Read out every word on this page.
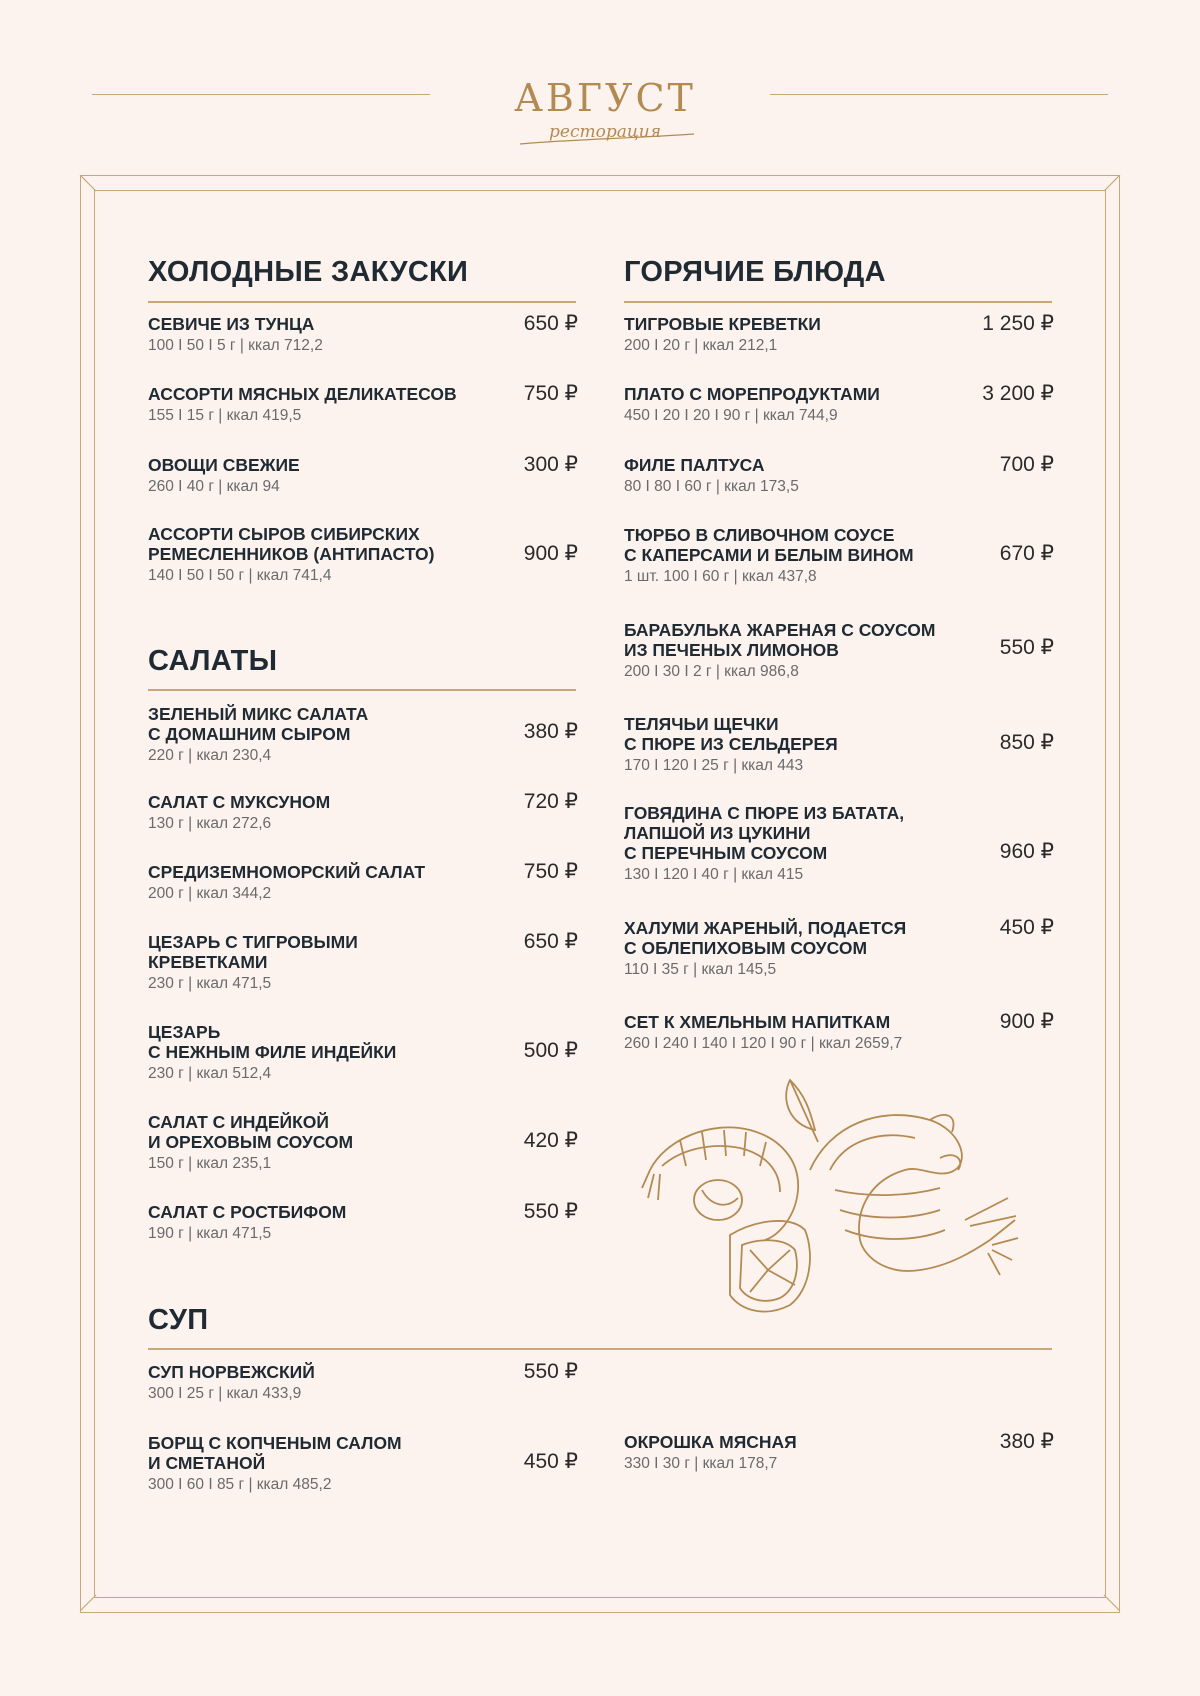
АВГУСТ
ресторация
ХОЛОДНЫЕ ЗАКУСКИ
СЕВИЧЕ ИЗ ТУНЦА
100 I 50 I 5 г | ккал 712,2
650 ₽
АССОРТИ МЯСНЫХ ДЕЛИКАТЕСОВ
155 I 15 г | ккал 419,5
750 ₽
ОВОЩИ СВЕЖИЕ
260 I 40 г | ккал 94
300 ₽
АССОРТИ СЫРОВ СИБИРСКИХ
РЕМЕСЛЕННИКОВ (АНТИПАСТО)
140 I 50 I 50 г | ккал 741,4
900 ₽
САЛАТЫ
ЗЕЛЕНЫЙ МИКС САЛАТА
С ДОМАШНИМ СЫРОМ
220 г | ккал 230,4
380 ₽
САЛАТ С МУКСУНОМ
130 г | ккал 272,6
720 ₽
СРЕДИЗЕМНОМОРСКИЙ САЛАТ
200 г | ккал 344,2
750 ₽
ЦЕЗАРЬ С ТИГРОВЫМИ
КРЕВЕТКАМИ
230 г | ккал 471,5
650 ₽
ЦЕЗАРЬ
С НЕЖНЫМ ФИЛЕ ИНДЕЙКИ
230 г | ккал 512,4
500 ₽
САЛАТ С ИНДЕЙКОЙ
И ОРЕХОВЫМ СОУСОМ
150 г | ккал 235,1
420 ₽
САЛАТ С РОСТБИФОМ
190 г | ккал 471,5
550 ₽
ГОРЯЧИЕ БЛЮДА
ТИГРОВЫЕ КРЕВЕТКИ
200 I 20 г | ккал 212,1
1 250 ₽
ПЛАТО С МОРЕПРОДУКТАМИ
450 I 20 I 20 I 90 г | ккал 744,9
3 200 ₽
ФИЛЕ ПАЛТУСА
80 I 80 I 60 г | ккал 173,5
700 ₽
ТЮРБО В СЛИВОЧНОМ СОУСЕ
С КАПЕРСАМИ И БЕЛЫМ ВИНОМ
1 шт. 100 I 60 г | ккал 437,8
670 ₽
БАРАБУЛЬКА ЖАРЕНАЯ С СОУСОМ
ИЗ ПЕЧЕНЫХ ЛИМОНОВ
200 I 30 I 2 г | ккал 986,8
550 ₽
ТЕЛЯЧЬИ ЩЕЧКИ
С ПЮРЕ ИЗ СЕЛЬДЕРЕЯ
170 I 120 I 25 г | ккал 443
850 ₽
ГОВЯДИНА С ПЮРЕ ИЗ БАТАТА,
ЛАПШОЙ ИЗ ЦУКИНИ
С ПЕРЕЧНЫМ СОУСОМ
130 I 120 I 40 г | ккал 415
960 ₽
ХАЛУМИ ЖАРЕНЫЙ, ПОДАЕТСЯ
С ОБЛЕПИХОВЫМ СОУСОМ
110 I 35 г | ккал 145,5
450 ₽
СЕТ К ХМЕЛЬНЫМ НАПИТКАМ
260 I 240 I 140 I 120 I 90 г | ккал 2659,7
900 ₽
СУП
СУП НОРВЕЖСКИЙ
300 I 25 г | ккал 433,9
550 ₽
БОРЩ С КОПЧЕНЫМ САЛОМ
И СМЕТАНОЙ
300 I 60 I 85 г | ккал 485,2
450 ₽
ОКРОШКА МЯСНАЯ
330 I 30 г | ккал 178,7
380 ₽
